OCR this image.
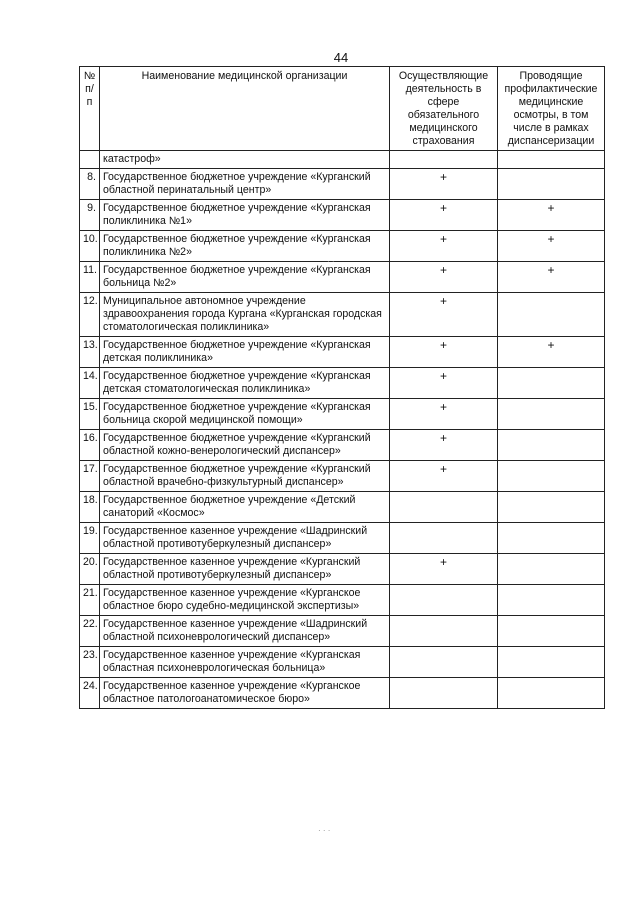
44
№ п/п	Наименование медицинской организации	Осуществляющие деятельность в сфере обязательного медицинского страхования	Проводящие профилактические медицинские осмотры, в том числе в рамках диспансеризации
	катастроф»		
8.	Государственное бюджетное учреждение «Курганский областной перинатальный центр»	+	
9.	Государственное бюджетное учреждение «Курганская поликлиника №1»	+	+
10.	Государственное бюджетное учреждение «Курганская поликлиника №2»	+	+
11.	Государственное бюджетное учреждение «Курганская больница №2»	+	+
12.	Муниципальное автономное учреждение здравоохранения города Кургана «Курганская городская стоматологическая поликлиника»	+	
13.	Государственное бюджетное учреждение «Курганская детская поликлиника»	+	+
14.	Государственное бюджетное учреждение «Курганская детская стоматологическая поликлиника»	+	
15.	Государственное бюджетное учреждение «Курганская больница скорой медицинской помощи»	+	
16.	Государственное бюджетное учреждение «Курганский областной кожно-венерологический диспансер»	+	
17.	Государственное бюджетное учреждение «Курганский областной врачебно-физкультурный диспансер»	+	
18.	Государственное бюджетное учреждение «Детский санаторий «Космос»		
19.	Государственное казенное учреждение «Шадринский областной противотуберкулезный диспансер»		
20.	Государственное казенное учреждение «Курганский областной противотуберкулезный диспансер»	+	
21.	Государственное казенное учреждение «Курганское областное бюро судебно-медицинской экспертизы»		
22.	Государственное казенное учреждение «Шадринский областной психоневрологический диспансер»		
23.	Государственное казенное учреждение «Курганская областная психоневрологическая больница»		
24.	Государственное казенное учреждение «Курганское областное патологоанатомическое бюро»		
· ·
· · ·
